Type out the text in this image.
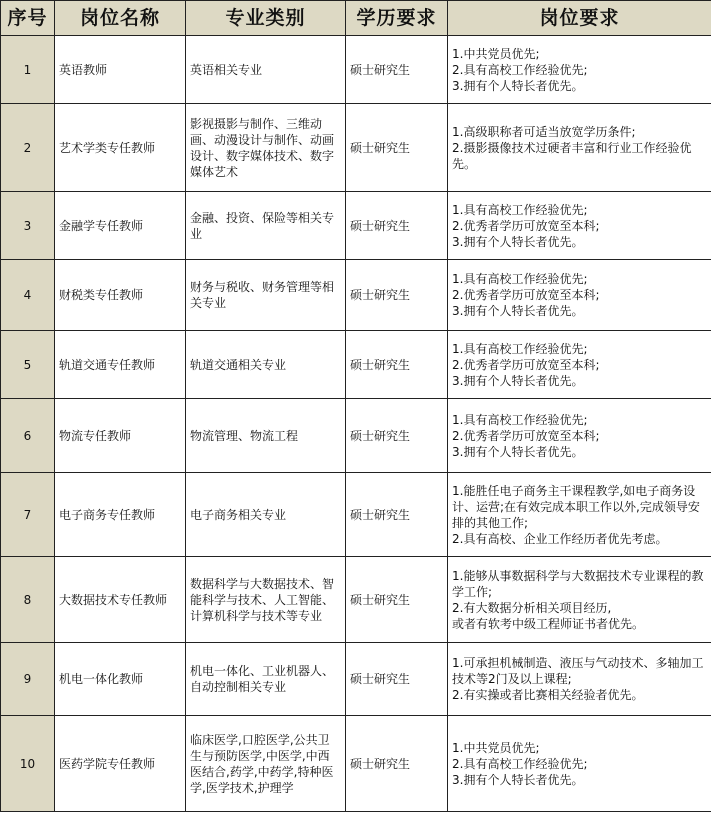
序号	岗位名称	专业类别	学历要求	岗位要求
1	英语教师	英语相关专业	硕士研究生	1.中共党员优先;
2.具有高校工作经验优先;
3.拥有个人特长者优先。

2	艺术学类专任教师	影视摄影与制作、三维动画、动漫设计与制作、动画设计、数字媒体技术、数字媒体艺术	硕士研究生	1.高级职称者可适当放宽学历条件;
2.摄影摄像技术过硬者丰富和行业工作经验优先。

3	金融学专任教师	金融、投资、保险等相关专业	硕士研究生	1.具有高校工作经验优先;
2.优秀者学历可放宽至本科;
3.拥有个人特长者优先。

4	财税类专任教师	财务与税收、财务管理等相关专业	硕士研究生	1.具有高校工作经验优先;
2.优秀者学历可放宽至本科;
3.拥有个人特长者优先。

5	轨道交通专任教师	轨道交通相关专业	硕士研究生	1.具有高校工作经验优先;
2.优秀者学历可放宽至本科;
3.拥有个人特长者优先。

6	物流专任教师	物流管理、物流工程	硕士研究生	1.具有高校工作经验优先;
2.优秀者学历可放宽至本科;
3.拥有个人特长者优先。

7	电子商务专任教师	电子商务相关专业	硕士研究生	1.能胜任电子商务主干课程教学,如电子商务设计、运营;在有效完成本职工作以外,完成领导安排的其他工作;
2.具有高校、企业工作经历者优先考虑。

8	大数据技术专任教师	数据科学与大数据技术、智能科学与技术、人工智能、计算机科学与技术等专业	硕士研究生	1.能够从事数据科学与大数据技术专业课程的教学工作;
2.有大数据分析相关项目经历,
或者有软考中级工程师证书者优先。

9	机电一体化教师	机电一体化、工业机器人、自动控制相关专业	硕士研究生	1.可承担机械制造、液压与气动技术、多轴加工技术等2门及以上课程;
2.有实操或者比赛相关经验者优先。

10	医药学院专任教师	临床医学,口腔医学,公共卫生与预防医学,中医学,中西医结合,药学,中药学,特种医学,医学技术,护理学	硕士研究生	1.中共党员优先;
2.具有高校工作经验优先;
3.拥有个人特长者优先。
